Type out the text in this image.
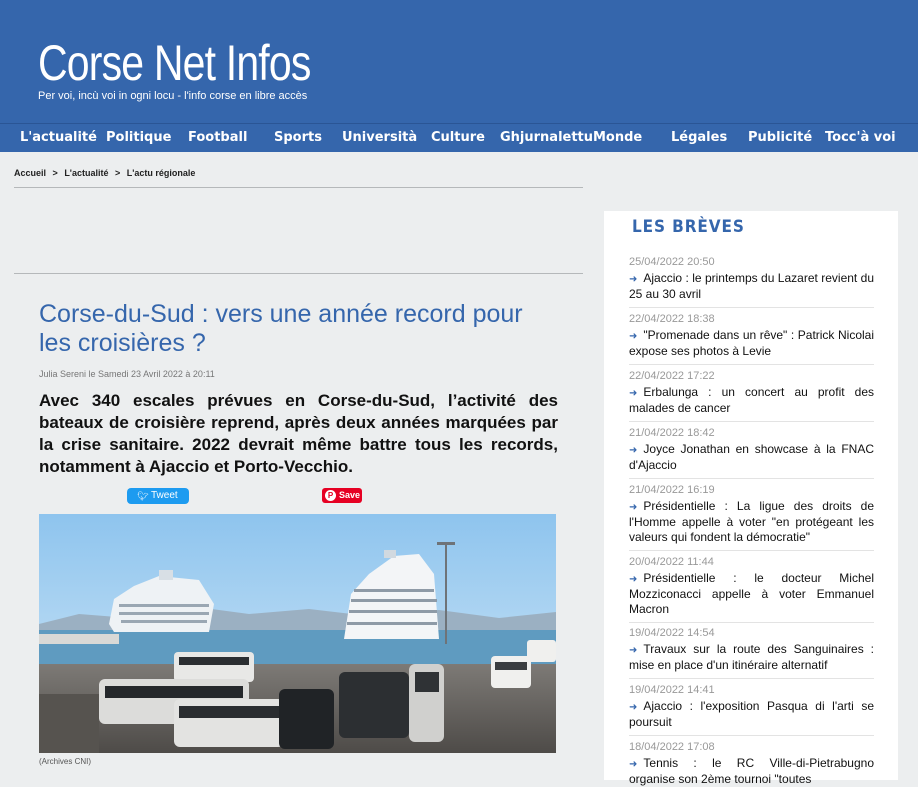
Corse Net Infos
Per voi, incù voi in ogni locu - l'info corse en libre accès
L'actualité Politique Football Sports Università Culture Ghjurnalettu Monde Légales Publicité Tocc'à voi
Accueil > L'actualité > L'actu régionale
Corse-du-Sud : vers une année record pour les croisières ?
Julia Sereni le Samedi 23 Avril 2022 à 20:11
Avec 340 escales prévues en Corse-du-Sud, l’activité des bateaux de croisière reprend, après deux années marquées par la crise sanitaire. 2022 devrait même battre tous les records, notamment à Ajaccio et Porto-Vecchio.
🐦︎ Tweet	P Save
(Archives CNI)
LES BRÈVES
25/04/2022 20:50
➜ Ajaccio : le printemps du Lazaret revient du 25 au 30 avril
22/04/2022 18:38
➜ "Promenade dans un rêve" : Patrick Nicolai expose ses photos à Levie
22/04/2022 17:22
➜ Erbalunga : un concert au profit des malades de cancer
21/04/2022 18:42
➜ Joyce Jonathan en showcase à la FNAC d'Ajaccio
21/04/2022 16:19
➜ Présidentielle : La ligue des droits de l'Homme appelle à voter "en protégeant les valeurs qui fondent la démocratie"
20/04/2022 11:44
➜ Présidentielle : le docteur Michel Mozziconacci appelle à voter Emmanuel Macron
19/04/2022 14:54
➜ Travaux sur la route des Sanguinaires : mise en place d'un itinéraire alternatif
19/04/2022 14:41
➜ Ajaccio : l'exposition Pasqua di l'arti se poursuit
18/04/2022 17:08
➜ Tennis : le RC Ville-di-Pietrabugno organise son 2ème tournoi "toutes
